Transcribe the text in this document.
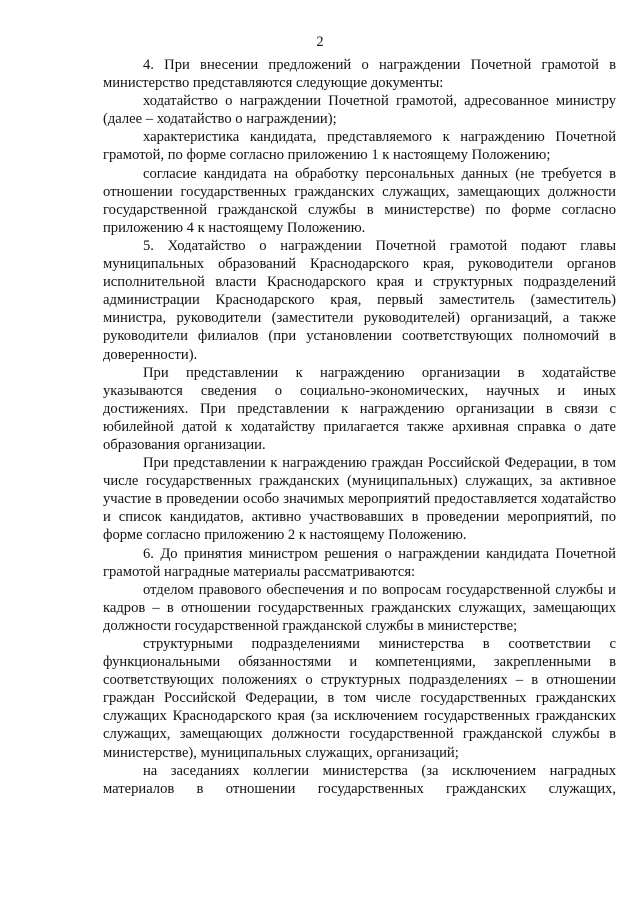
2

4. При внесении предложений о награждении Почетной грамотой в министерство представляются следующие документы:

ходатайство о награждении Почетной грамотой, адресованное министру (далее – ходатайство о награждении);

характеристика кандидата, представляемого к награждению Почетной грамотой, по форме согласно приложению 1 к настоящему Положению;

согласие кандидата на обработку персональных данных (не требуется в отношении государственных гражданских служащих, замещающих должности государственной гражданской службы в министерстве) по форме согласно приложению 4 к настоящему Положению.

5. Ходатайство о награждении Почетной грамотой подают главы муниципальных образований Краснодарского края, руководители органов исполнительной власти Краснодарского края и структурных подразделений администрации Краснодарского края, первый заместитель (заместитель) министра, руководители (заместители руководителей) организаций, а также руководители филиалов (при установлении соответствующих полномочий в доверенности).

При представлении к награждению организации в ходатайстве указываются сведения о социально-экономических, научных и иных достижениях. При представлении к награждению организации в связи с юбилейной датой к ходатайству прилагается также архивная справка о дате образования организации.

При представлении к награждению граждан Российской Федерации, в том числе государственных гражданских (муниципальных) служащих, за активное участие в проведении особо значимых мероприятий предоставляется ходатайство и список кандидатов, активно участвовавших в проведении мероприятий, по форме согласно приложению 2 к настоящему Положению.

6. До принятия министром решения о награждении кандидата Почетной грамотой наградные материалы рассматриваются:

отделом правового обеспечения и по вопросам государственной службы и кадров – в отношении государственных гражданских служащих, замещающих должности государственной гражданской службы в министерстве;

структурными подразделениями министерства в соответствии с функциональными обязанностями и компетенциями, закрепленными в соответствующих положениях о структурных подразделениях – в отношении граждан Российской Федерации, в том числе государственных гражданских служащих Краснодарского края (за исключением государственных гражданских служащих, замещающих должности государственной гражданской службы в министерстве), муниципальных служащих, организаций;

на заседаниях коллегии министерства (за исключением наградных материалов в отношении государственных гражданских служащих,
